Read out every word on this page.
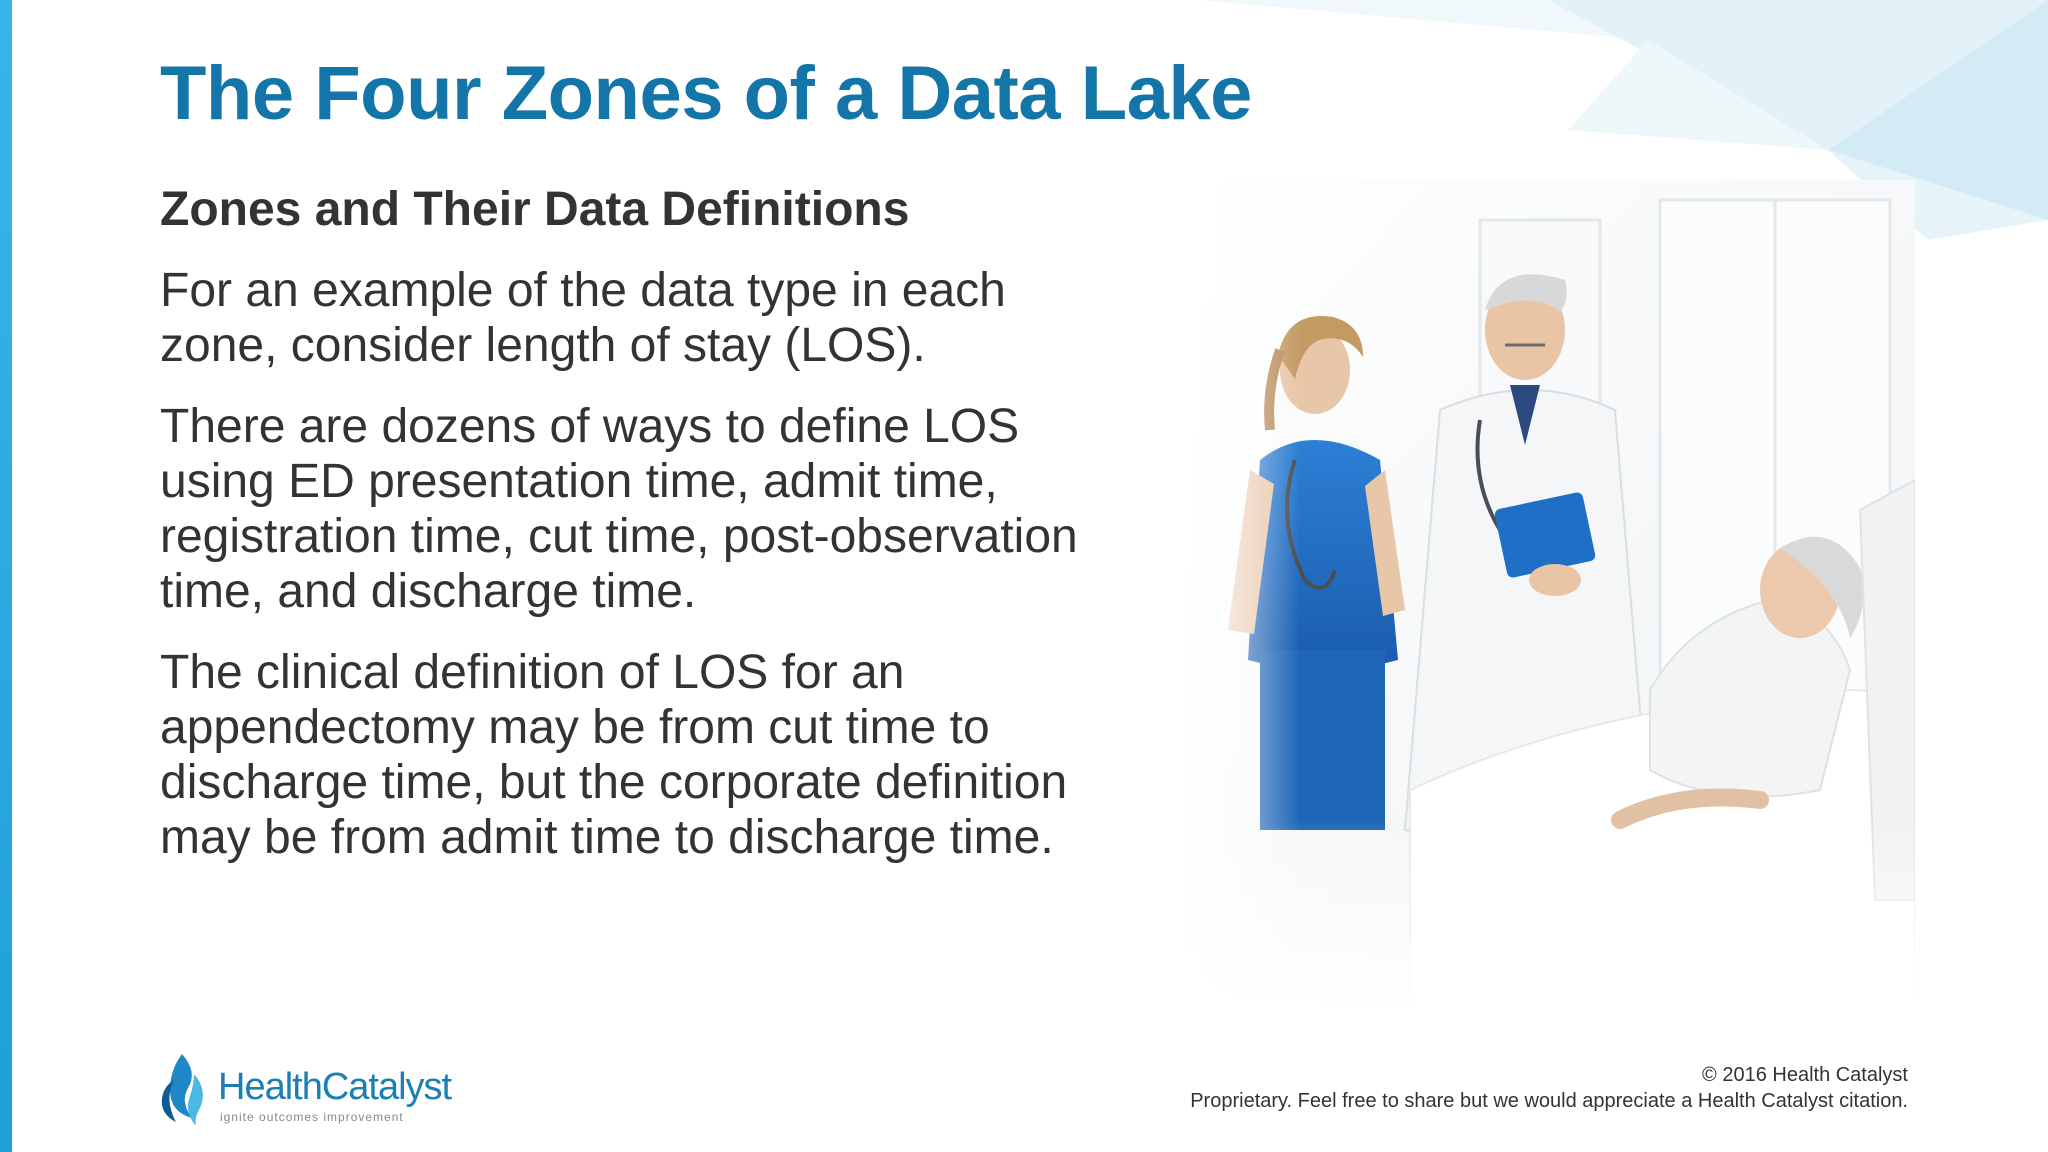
The Four Zones of a Data Lake

Zones and Their Data Definitions

For an example of the data type in each zone, consider length of stay (LOS).

There are dozens of ways to define LOS using ED presentation time, admit time, registration time, cut time, post-observation time, and discharge time.

The clinical definition of LOS for an appendectomy may be from cut time to discharge time, but the corporate definition may be from admit time to discharge time.

HealthCatalyst
ignite outcomes improvement
© 2016 Health Catalyst
Proprietary. Feel free to share but we would appreciate a Health Catalyst citation.
